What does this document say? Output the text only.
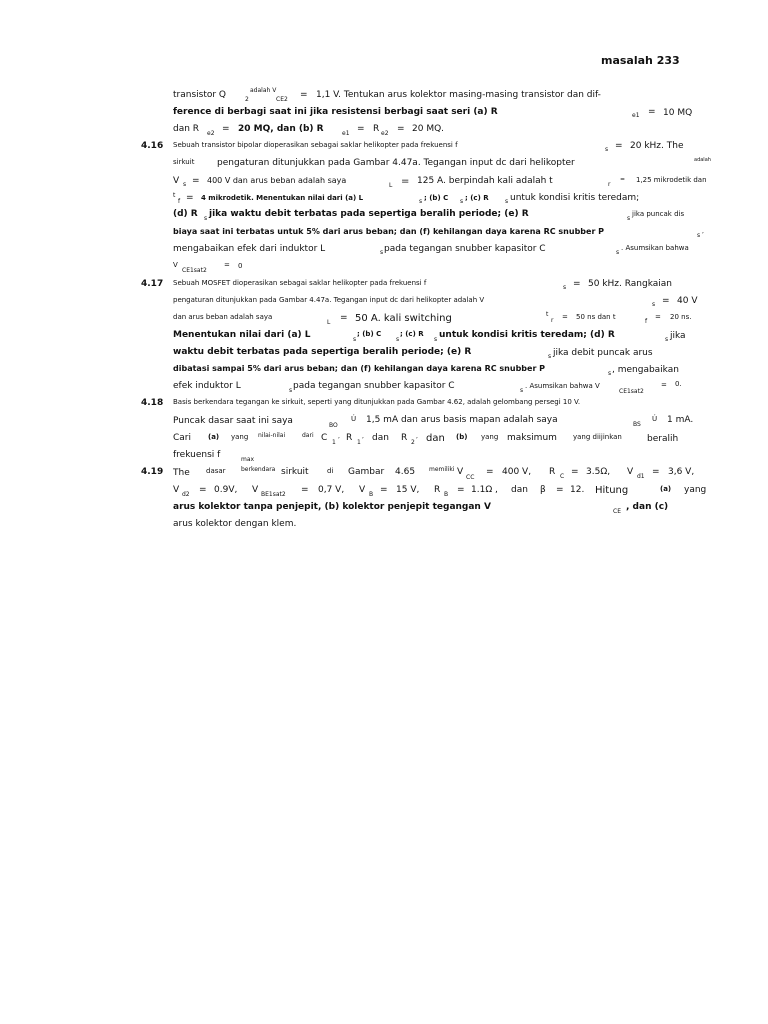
masalah 233
transistor Q	2
adalah V
CE2 = 1,1 V. Tentukan arus kolektor masing-masing transistor dan dif-
ference di berbagi saat ini jika resistensi berbagi saat seri (a) R	e1 = 10 MQ
dan R e2 = 20 MQ, dan (b) R	e1 = R e2 = 20 MQ.
4.16 Sebuah transistor bipolar dioperasikan sebagai saklar helikopter pada frekuensi f
s = 20 kHz. The
sirkuit	pengaturan ditunjukkan pada Gambar 4.47a. Tegangan input dc dari helikopter	adalah
V s = 400 V dan arus beban adalah saya
L = 125 A. berpindah kali adalah t	r
= 1,25 mikrodetik dan
t
f = 4 mikrodetik. Menentukan nilai dari (a) L	s ; (b) C s ; (c) R	s untuk kondisi kritis teredam;
(d) R s jika waktu debit terbatas pada sepertiga beralih periode; (e) R	s
jika puncak dis
biaya saat ini terbatas untuk 5% dari arus beban; dan (f) kehilangan daya karena RC snubber P	s
,
mengabaikan efek dari induktor L	s pada tegangan snubber kapasitor C	s
. Asumsikan bahwa
V
CE1sat2
= 0
4.17 Sebuah MOSFET dioperasikan sebagai saklar helikopter pada frekuensi f
s = 50 kHz. Rangkaian
pengaturan ditunjukkan pada Gambar 4.47a. Tegangan input dc dari helikopter adalah V
s = 40 V
dan arus beban adalah saya
L = 50 A. kali switching	t
r = 50 ns dan t
f
= 20 ns.
Menentukan nilai dari (a) L	s
; (b) C
s
; (c) R
s untuk kondisi kritis teredam; (d) R	s jika
waktu debit terbatas pada sepertiga beralih periode; (e) R	s jika debit puncak arus
dibatasi sampai 5% dari arus beban; dan (f) kehilangan daya karena RC snubber P
s , mengabaikan
efek induktor L	s pada tegangan snubber kapasitor C	s
. Asumsikan bahwa V
CE1sat2
= 0.
4.18 Basis berkendara tegangan ke sirkuit, seperti yang ditunjukkan pada Gambar 4.62, adalah gelombang persegi 10 V.
Puncak dasar saat ini saya	BO
Ú 1,5 mA dan arus basis mapan adalah saya	BS
Ú 1 mA.
Cari (a) yang nilai-nilai	dari C 1
, R 1
, dan R 2
, dan (b) yang maksimum yang diijinkan	beralih
frekuensi f	max
4.19 The dasar	berkendara sirkuit	di Gambar 4.65 memiliki V
CC
= 400 V, R C = 3.5Ω, V d1 = 3,6 V,
V d2 = 0.9V, V BE1sat2 = 0,7 V, V B = 15 V, R B = 1.1Ω , dan β = 12. Hitung	(a) yang
arus kolektor tanpa penjepit, (b) kolektor penjepit tegangan V	CE , dan (c)
arus kolektor dengan klem.
